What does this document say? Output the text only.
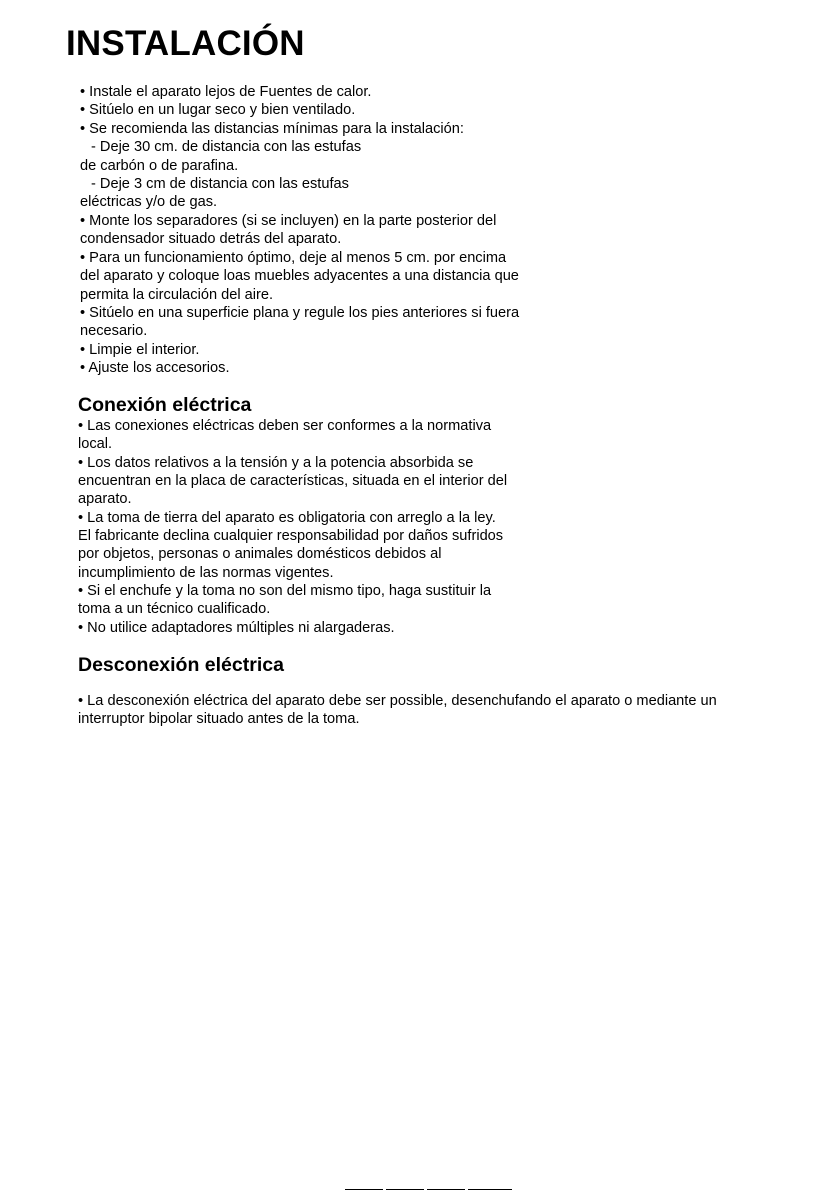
INSTALACIÓN

• Instale el aparato lejos de Fuentes de calor.

• Sitúelo en un lugar seco y bien ventilado.

• Se recomienda las distancias mínimas para la instalación:

- Deje 30 cm. de distancia con las estufas

de carbón o de parafina.

- Deje 3 cm de distancia con las estufas

eléctricas y/o de gas.

• Monte los separadores (si se incluyen) en la parte posterior del

condensador situado detrás del aparato.

• Para un funcionamiento óptimo, deje al menos 5 cm. por encima

del aparato y coloque loas muebles adyacentes a una distancia que

permita la circulación del aire.

• Sitúelo en una superficie plana y regule los pies anteriores si fuera

necesario.

• Limpie el interior.

• Ajuste los accesorios.

Conexión eléctrica

• Las conexiones eléctricas deben ser conformes a la normativa

local.

• Los datos relativos a la tensión y a la potencia absorbida se

encuentran en la placa de características, situada en el interior del

aparato.

• La toma de tierra del aparato es obligatoria con arreglo a la ley.

El fabricante declina cualquier responsabilidad por daños sufridos

por objetos, personas o animales domésticos debidos al

incumplimiento de las normas vigentes.

• Si el enchufe y la toma no son del mismo tipo, haga sustituir la

toma a un técnico cualificado.

• No utilice adaptadores múltiples ni alargaderas.

Desconexión eléctrica

• La desconexión eléctrica del aparato debe ser possible, desenchufando el aparato o mediante un

interruptor bipolar situado antes de la toma.
